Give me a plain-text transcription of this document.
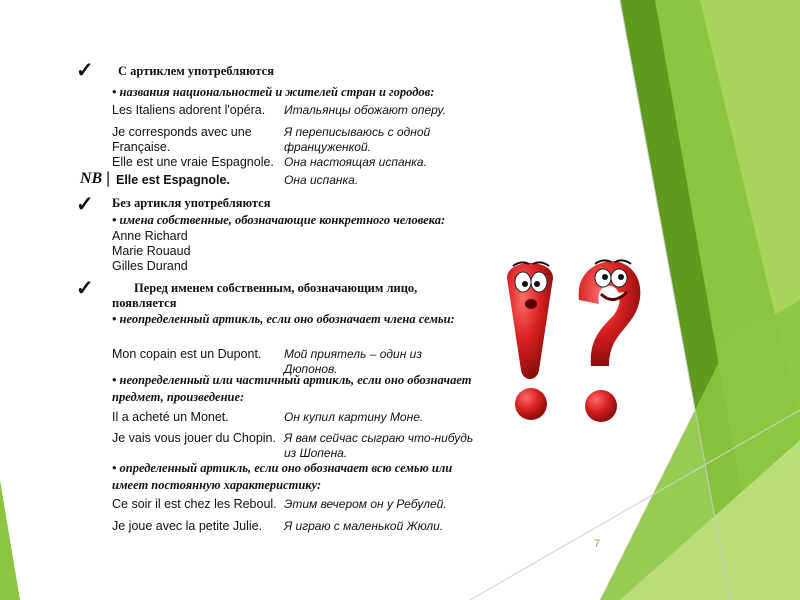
✓ С артиклем употребляются
• названия национальностей и жителей стран и городов:
Les Italiens adorent l'opéra. Итальянцы обожают оперу.
Je corresponds avec une
Française.
Я переписываюсь с одной француженкой.
Elle est une vraie Espagnole. Она настоящая испанка.
NB | Elle est Espagnole.	Она испанка.
✓ Без артикля употребляются
• имена собственные, обозначающие конкретного человека:
Anne Richard
Marie Rouaud
Gilles Durand
✓	Перед именем собственным, обозначающим лицо,
появляется
• неопределенный артикль, если оно обозначает члена семьи:
Mon copain est un Dupont. Мой приятель – один из Дюпонов.
• неопределенный или частичный артикль, если оно обозначает предмет, произведение:
Il a acheté un Monet.	Он купил картину Моне.
Je vais vous jouer du Chopin. Я вам сейчас сыграю что-нибудь из Шопена.
• определенный артикль, если оно обозначает всю семью или имеет постоянную характеристику:
Ce soir il est chez les Reboul. Этим вечером он у Ребулей.
Je joue avec la petite Julie. Я играю с маленькой Жюли.
7
